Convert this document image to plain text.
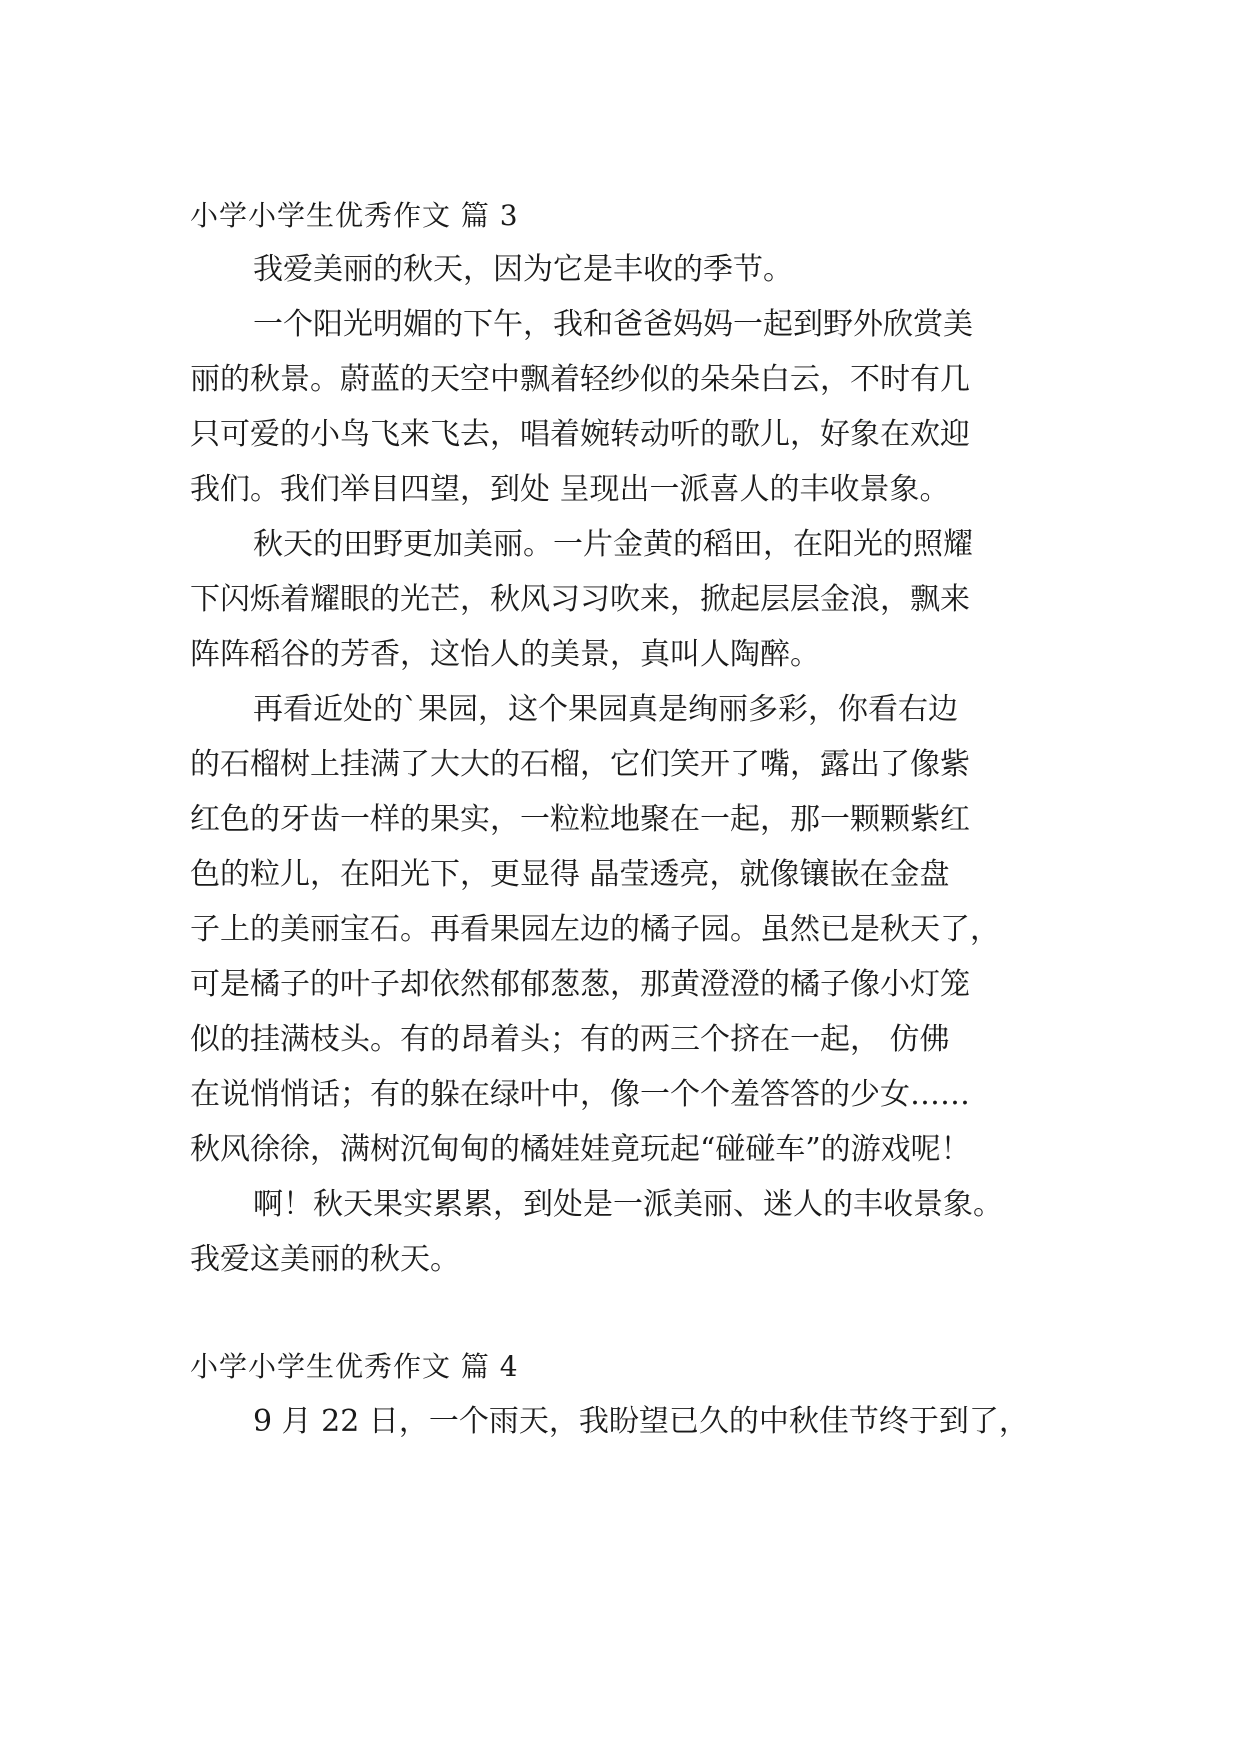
小学小学生优秀作文 篇 3
我爱美丽的秋天，因为它是丰收的季节。
一个阳光明媚的下午，我和爸爸妈妈一起到野外欣赏美
丽的秋景。蔚蓝的天空中飘着轻纱似的朵朵白云，不时有几
只可爱的小鸟飞来飞去，唱着婉转动听的歌儿，好象在欢迎
我们。我们举目四望，到处 呈现出一派喜人的丰收景象。
秋天的田野更加美丽。一片金黄的稻田，在阳光的照耀
下闪烁着耀眼的光芒，秋风习习吹来，掀起层层金浪，飘来
阵阵稻谷的芳香，这怡人的美景，真叫人陶醉。
再看近处的`果园，这个果园真是绚丽多彩，你看右边
的石榴树上挂满了大大的石榴，它们笑开了嘴，露出了像紫
红色的牙齿一样的果实，一粒粒地聚在一起，那一颗颗紫红
色的粒儿，在阳光下，更显得 晶莹透亮，就像镶嵌在金盘
子上的美丽宝石。再看果园左边的橘子园。虽然已是秋天了，
可是橘子的叶子却依然郁郁葱葱，那黄澄澄的橘子像小灯笼
似的挂满枝头。有的昂着头；有的两三个挤在一起， 仿佛
在说悄悄话；有的躲在绿叶中，像一个个羞答答的少女……
秋风徐徐，满树沉甸甸的橘娃娃竟玩起“碰碰车”的游戏呢！
啊！秋天果实累累，到处是一派美丽、迷人的丰收景象。
我爱这美丽的秋天。
小学小学生优秀作文 篇 4
9 月 22 日，一个雨天，我盼望已久的中秋佳节终于到了，
